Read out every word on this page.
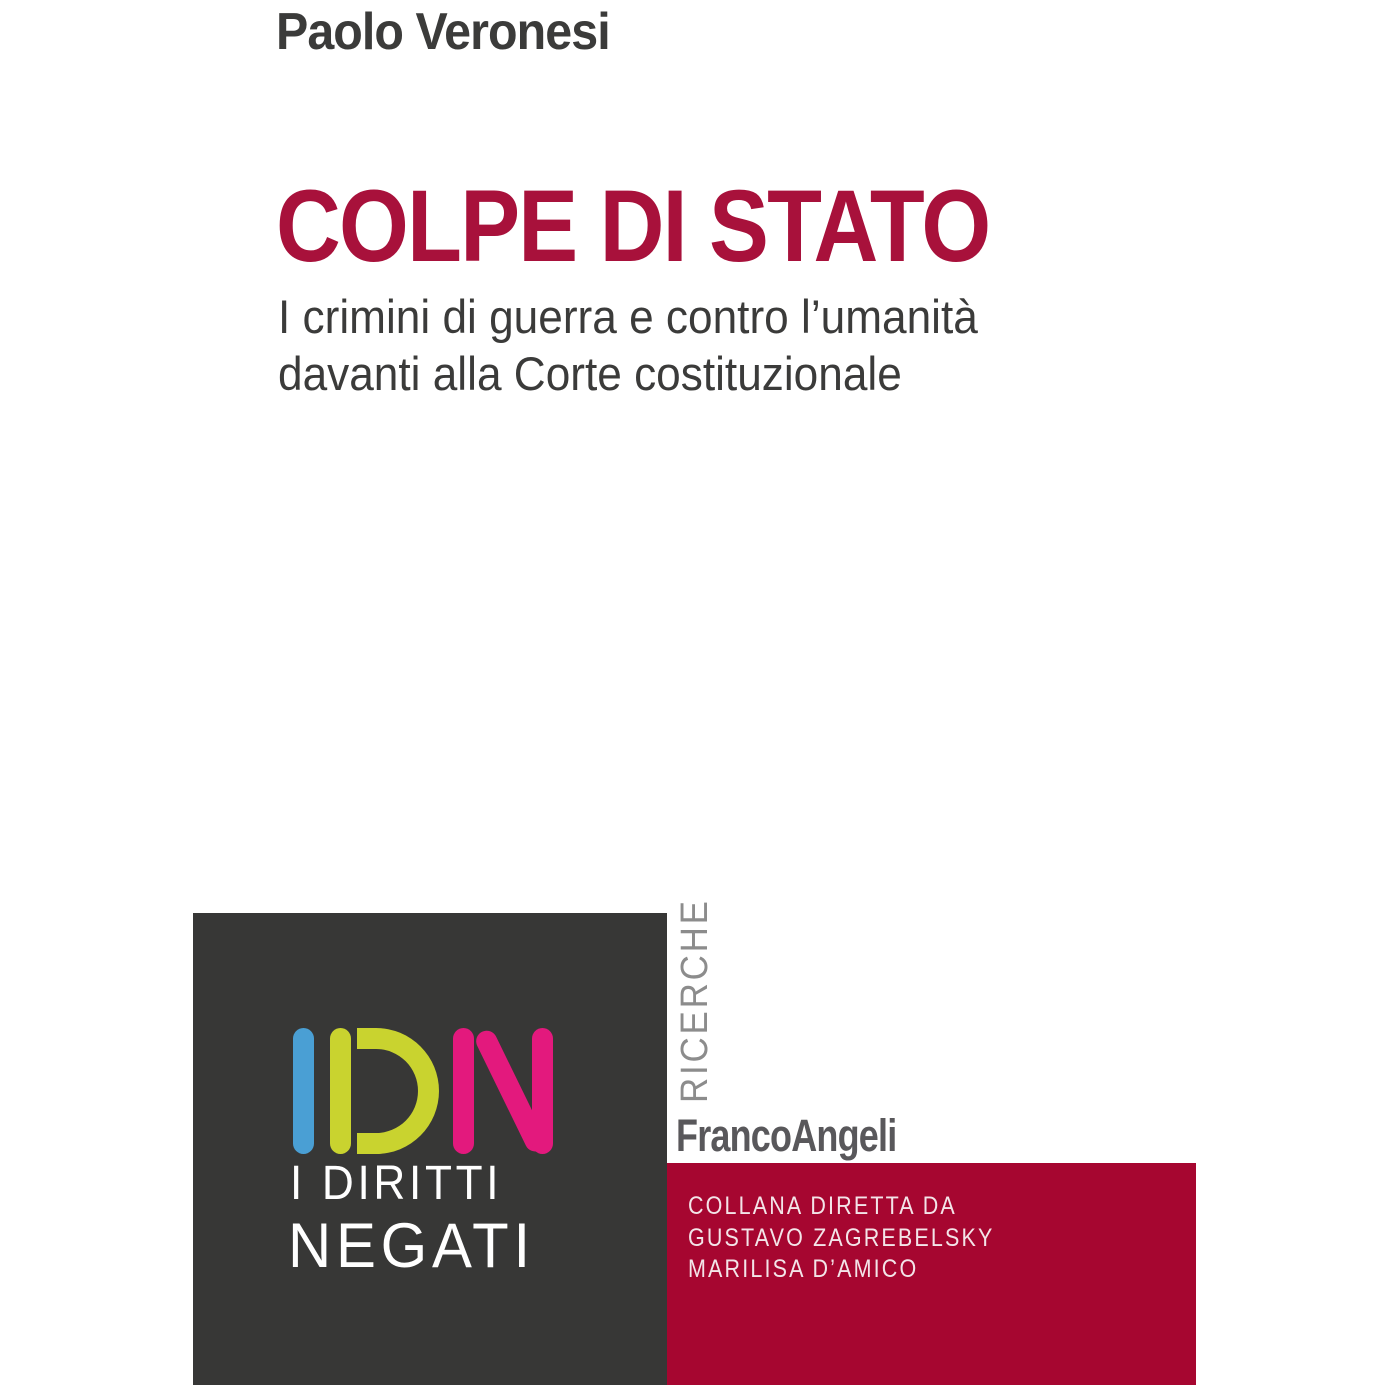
Paolo Veronesi
COLPE DI STATO
I crimini di guerra e contro l’umanità
davanti alla Corte costituzionale
I DIRITTI
NEGATI
RICERCHE
FrancoAngeli
COLLANA DIRETTA DA
GUSTAVO ZAGREBELSKY
MARILISA D’AMICO
